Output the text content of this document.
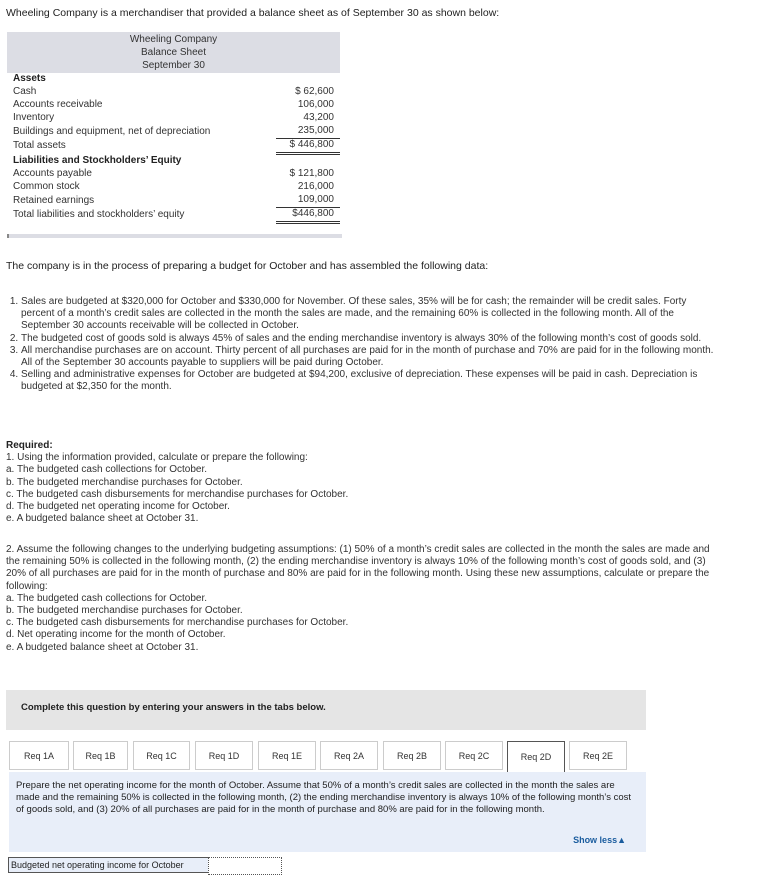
Wheeling Company is a merchandiser that provided a balance sheet as of September 30 as shown below:
Wheeling Company
Balance Sheet
September 30
Assets	
Cash	$ 62,600
Accounts receivable	106,000
Inventory	43,200
Buildings and equipment, net of depreciation	235,000
Total assets	$ 446,800
Liabilities and Stockholders’ Equity	
Accounts payable	$ 121,800
Common stock	216,000
Retained earnings	109,000
Total liabilities and stockholders’ equity	$446,800
The company is in the process of preparing a budget for October and has assembled the following data:
1. Sales are budgeted at $320,000 for October and $330,000 for November. Of these sales, 35% will be for cash; the remainder will be credit sales. Forty percent of a month’s credit sales are collected in the month the sales are made, and the remaining 60% is collected in the following month. All of the September 30 accounts receivable will be collected in October.
2. The budgeted cost of goods sold is always 45% of sales and the ending merchandise inventory is always 30% of the following month’s cost of goods sold.
3. All merchandise purchases are on account. Thirty percent of all purchases are paid for in the month of purchase and 70% are paid for in the following month. All of the September 30 accounts payable to suppliers will be paid during October.
4. Selling and administrative expenses for October are budgeted at $94,200, exclusive of depreciation. These expenses will be paid in cash. Depreciation is budgeted at $2,350 for the month.

Required:

1. Using the information provided, calculate or prepare the following:

a. The budgeted cash collections for October.

b. The budgeted merchandise purchases for October.

c. The budgeted cash disbursements for merchandise purchases for October.

d. The budgeted net operating income for October.

e. A budgeted balance sheet at October 31.

2. Assume the following changes to the underlying budgeting assumptions: (1) 50% of a month’s credit sales are collected in the month the sales are made and the remaining 50% is collected in the following month, (2) the ending merchandise inventory is always 10% of the following month’s cost of goods sold, and (3) 20% of all purchases are paid for in the month of purchase and 80% are paid for in the following month. Using these new assumptions, calculate or prepare the following:

a. The budgeted cash collections for October.

b. The budgeted merchandise purchases for October.

c. The budgeted cash disbursements for merchandise purchases for October.

d. Net operating income for the month of October.

e. A budgeted balance sheet at October 31.

Complete this question by entering your answers in the tabs below.
Req 1A	Req 1B	Req 1C	Req 1D	Req 1E	Req 2A	Req 2B	Req 2C	Req 2D	Req 2E

Prepare the net operating income for the month of October. Assume that 50% of a month’s credit sales are collected in the month the sales are made and the remaining 50% is collected in the following month, (2) the ending merchandise inventory is always 10% of the following month’s cost of goods sold, and (3) 20% of all purchases are paid for in the month of purchase and 80% are paid for in the following month.

Show less▲
Budgeted net operating income for October
